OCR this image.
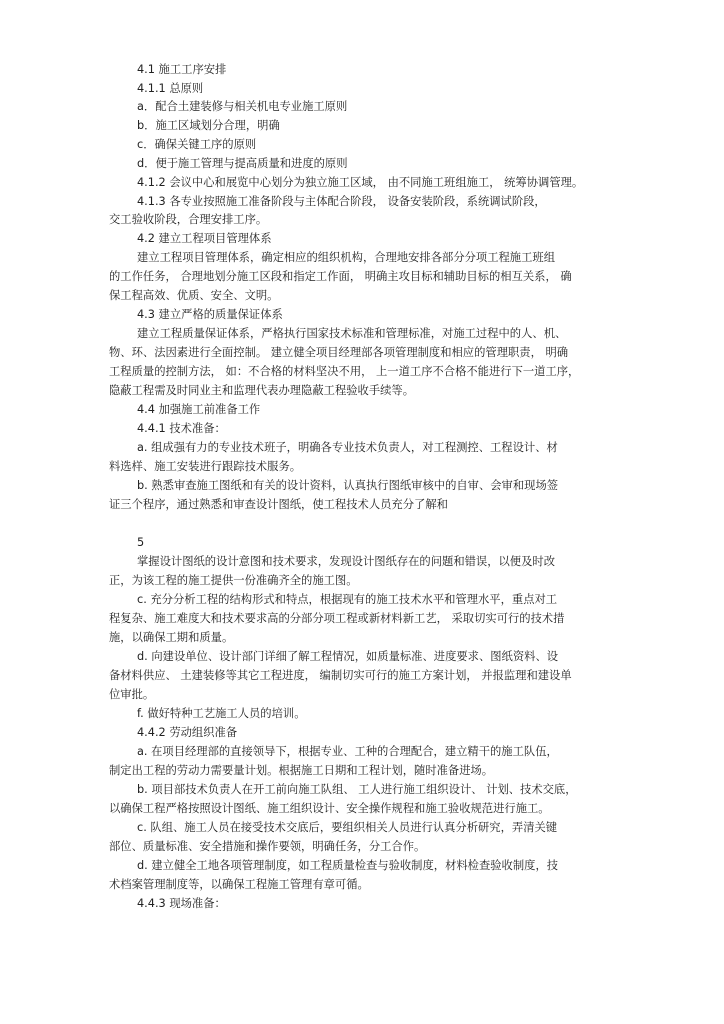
4.1 施工工序安排
4.1.1 总原则
a．配合土建装修与相关机电专业施工原则
b．施工区域划分合理，明确
c．确保关键工序的原则
d．便于施工管理与提高质量和进度的原则
4.1.2 会议中心和展览中心划分为独立施工区域， 由不同施工班组施工， 统筹协调管理。
4.1.3 各专业按照施工准备阶段与主体配合阶段， 设备安装阶段，系统调试阶段，
交工验收阶段，合理安排工序。
4.2 建立工程项目管理体系
建立工程项目管理体系，确定相应的组织机构，合理地安排各部分分项工程施工班组
的工作任务， 合理地划分施工区段和指定工作面， 明确主攻目标和辅助目标的相互关系， 确
保工程高效、优质、安全、文明。
4.3 建立严格的质量保证体系
建立工程质量保证体系，严格执行国家技术标准和管理标准，对施工过程中的人、机、
物、环、法因素进行全面控制。 建立健全项目经理部各项管理制度和相应的管理职责， 明确
工程质量的控制方法， 如：不合格的材料坚决不用， 上一道工序不合格不能进行下一道工序，
隐蔽工程需及时同业主和监理代表办理隐蔽工程验收手续等。
4.4 加强施工前准备工作
4.4.1 技术准备：
a. 组成强有力的专业技术班子，明确各专业技术负责人，对工程测控、工程设计、材
料选样、施工安装进行跟踪技术服务。
b. 熟悉审查施工图纸和有关的设计资料，认真执行图纸审核中的自审、会审和现场签
证三个程序，通过熟悉和审查设计图纸，使工程技术人员充分了解和
5
掌握设计图纸的设计意图和技术要求，发现设计图纸存在的问题和错误，以便及时改
正，为该工程的施工提供一份准确齐全的施工图。
c. 充分分析工程的结构形式和特点，根据现有的施工技术水平和管理水平，重点对工
程复杂、施工难度大和技术要求高的分部分项工程或新材料新工艺， 采取切实可行的技术措
施，以确保工期和质量。
d. 向建设单位、设计部门详细了解工程情况，如质量标准、进度要求、图纸资料、设
备材料供应、 土建装修等其它工程进度， 编制切实可行的施工方案计划， 并报监理和建设单
位审批。
f. 做好特种工艺施工人员的培训。
4.4.2 劳动组织准备
a. 在项目经理部的直接领导下，根据专业、工种的合理配合，建立精干的施工队伍，
制定出工程的劳动力需要量计划。根据施工日期和工程计划，随时准备进场。
b. 项目部技术负责人在开工前向施工队组、 工人进行施工组织设计、 计划、技术交底，
以确保工程严格按照设计图纸、施工组织设计、安全操作规程和施工验收规范进行施工。
c. 队组、施工人员在接受技术交底后，要组织相关人员进行认真分析研究，弄清关键
部位、质量标准、安全措施和操作要领，明确任务，分工合作。
d. 建立健全工地各项管理制度，如工程质量检查与验收制度，材料检查验收制度，技
术档案管理制度等，以确保工程施工管理有章可循。
4.4.3 现场准备：
